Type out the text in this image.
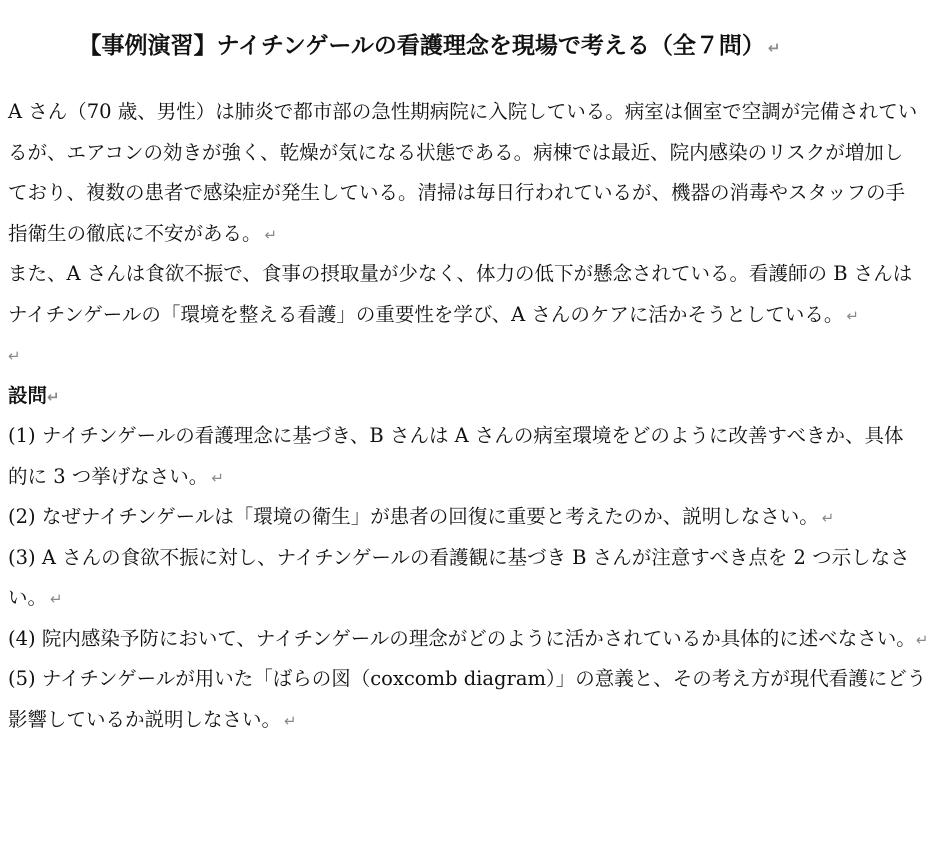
【事例演習】ナイチンゲールの看護理念を現場で考える（全７問） ↵
A さん（70 歳、男性）は肺炎で都市部の急性期病院に入院している。病室は個室で空調が完備されてい
るが、エアコンの効きが強く、乾燥が気になる状態である。病棟では最近、院内感染のリスクが増加し
ており、複数の患者で感染症が発生している。清掃は毎日行われているが、機器の消毒やスタッフの手
指衛生の徹底に不安がある。 ↵
また、A さんは食欲不振で、食事の摂取量が少なく、体力の低下が懸念されている。看護師の B さんは
ナイチンゲールの「環境を整える看護」の重要性を学び、A さんのケアに活かそうとしている。 ↵
↵
設問↵
(1) ナイチンゲールの看護理念に基づき、B さんは A さんの病室環境をどのように改善すべきか、具体
的に 3 つ挙げなさい。 ↵
(2) なぜナイチンゲールは「環境の衛生」が患者の回復に重要と考えたのか、説明しなさい。 ↵
(3) A さんの食欲不振に対し、ナイチンゲールの看護観に基づき B さんが注意すべき点を 2 つ示しなさ
い。 ↵
(4) 院内感染予防において、ナイチンゲールの理念がどのように活かされているか具体的に述べなさい。↵
(5) ナイチンゲールが用いた「ばらの図（coxcomb diagram）」の意義と、その考え方が現代看護にどう
影響しているか説明しなさい。 ↵
